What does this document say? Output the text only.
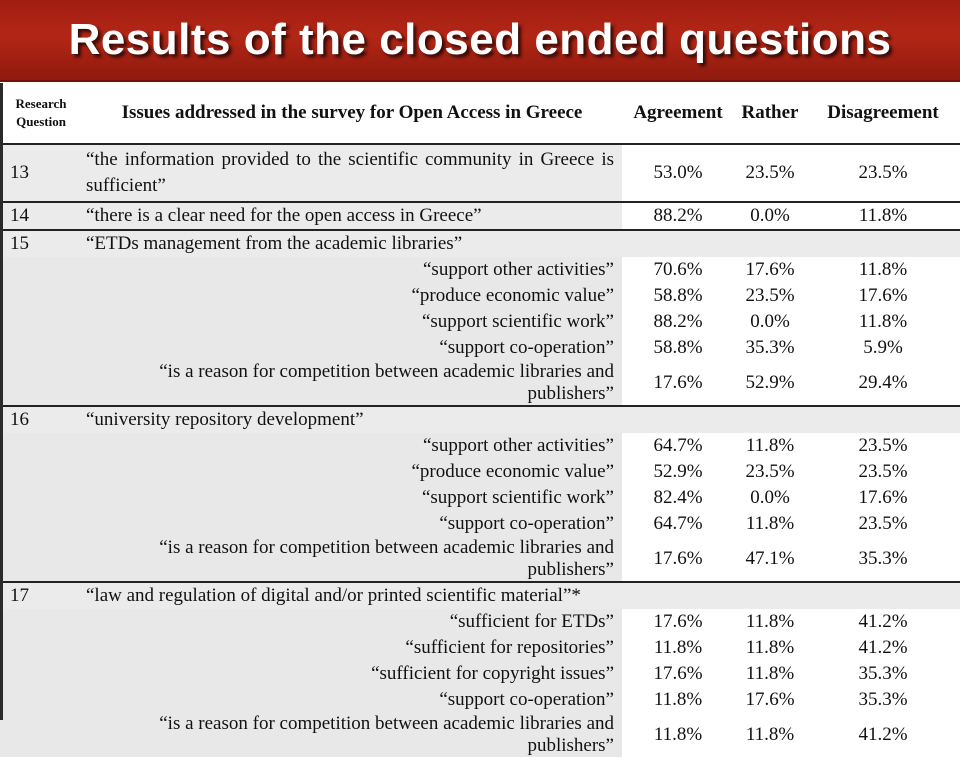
Results of the closed ended questions
Research Question	Issues addressed in the survey for Open Access in Greece	Agreement	Rather	Disagreement
13	“the information provided to the scientific community in Greece is sufficient”	53.0%	23.5%	23.5%
14	“there is a clear need for the open access in Greece”	88.2%	0.0%	11.8%
15	“ETDs management from the academic libraries”			
	“support other activities”	70.6%	17.6%	11.8%
	“produce economic value”	58.8%	23.5%	17.6%
	“support scientific work”	88.2%	0.0%	11.8%
	“support co-operation”	58.8%	35.3%	5.9%
	“is a reason for competition between academic libraries and publishers”	17.6%	52.9%	29.4%
16	“university repository development”			
	“support other activities”	64.7%	11.8%	23.5%
	“produce economic value”	52.9%	23.5%	23.5%
	“support scientific work”	82.4%	0.0%	17.6%
	“support co-operation”	64.7%	11.8%	23.5%
	“is a reason for competition between academic libraries and publishers”	17.6%	47.1%	35.3%
17	“law and regulation of digital and/or printed scientific material”*			
	“sufficient for ETDs”	17.6%	11.8%	41.2%
	“sufficient for repositories”	11.8%	11.8%	41.2%
	“sufficient for copyright issues”	17.6%	11.8%	35.3%
	“support co-operation”	11.8%	17.6%	35.3%
	“is a reason for competition between academic libraries and publishers”	11.8%	11.8%	41.2%
